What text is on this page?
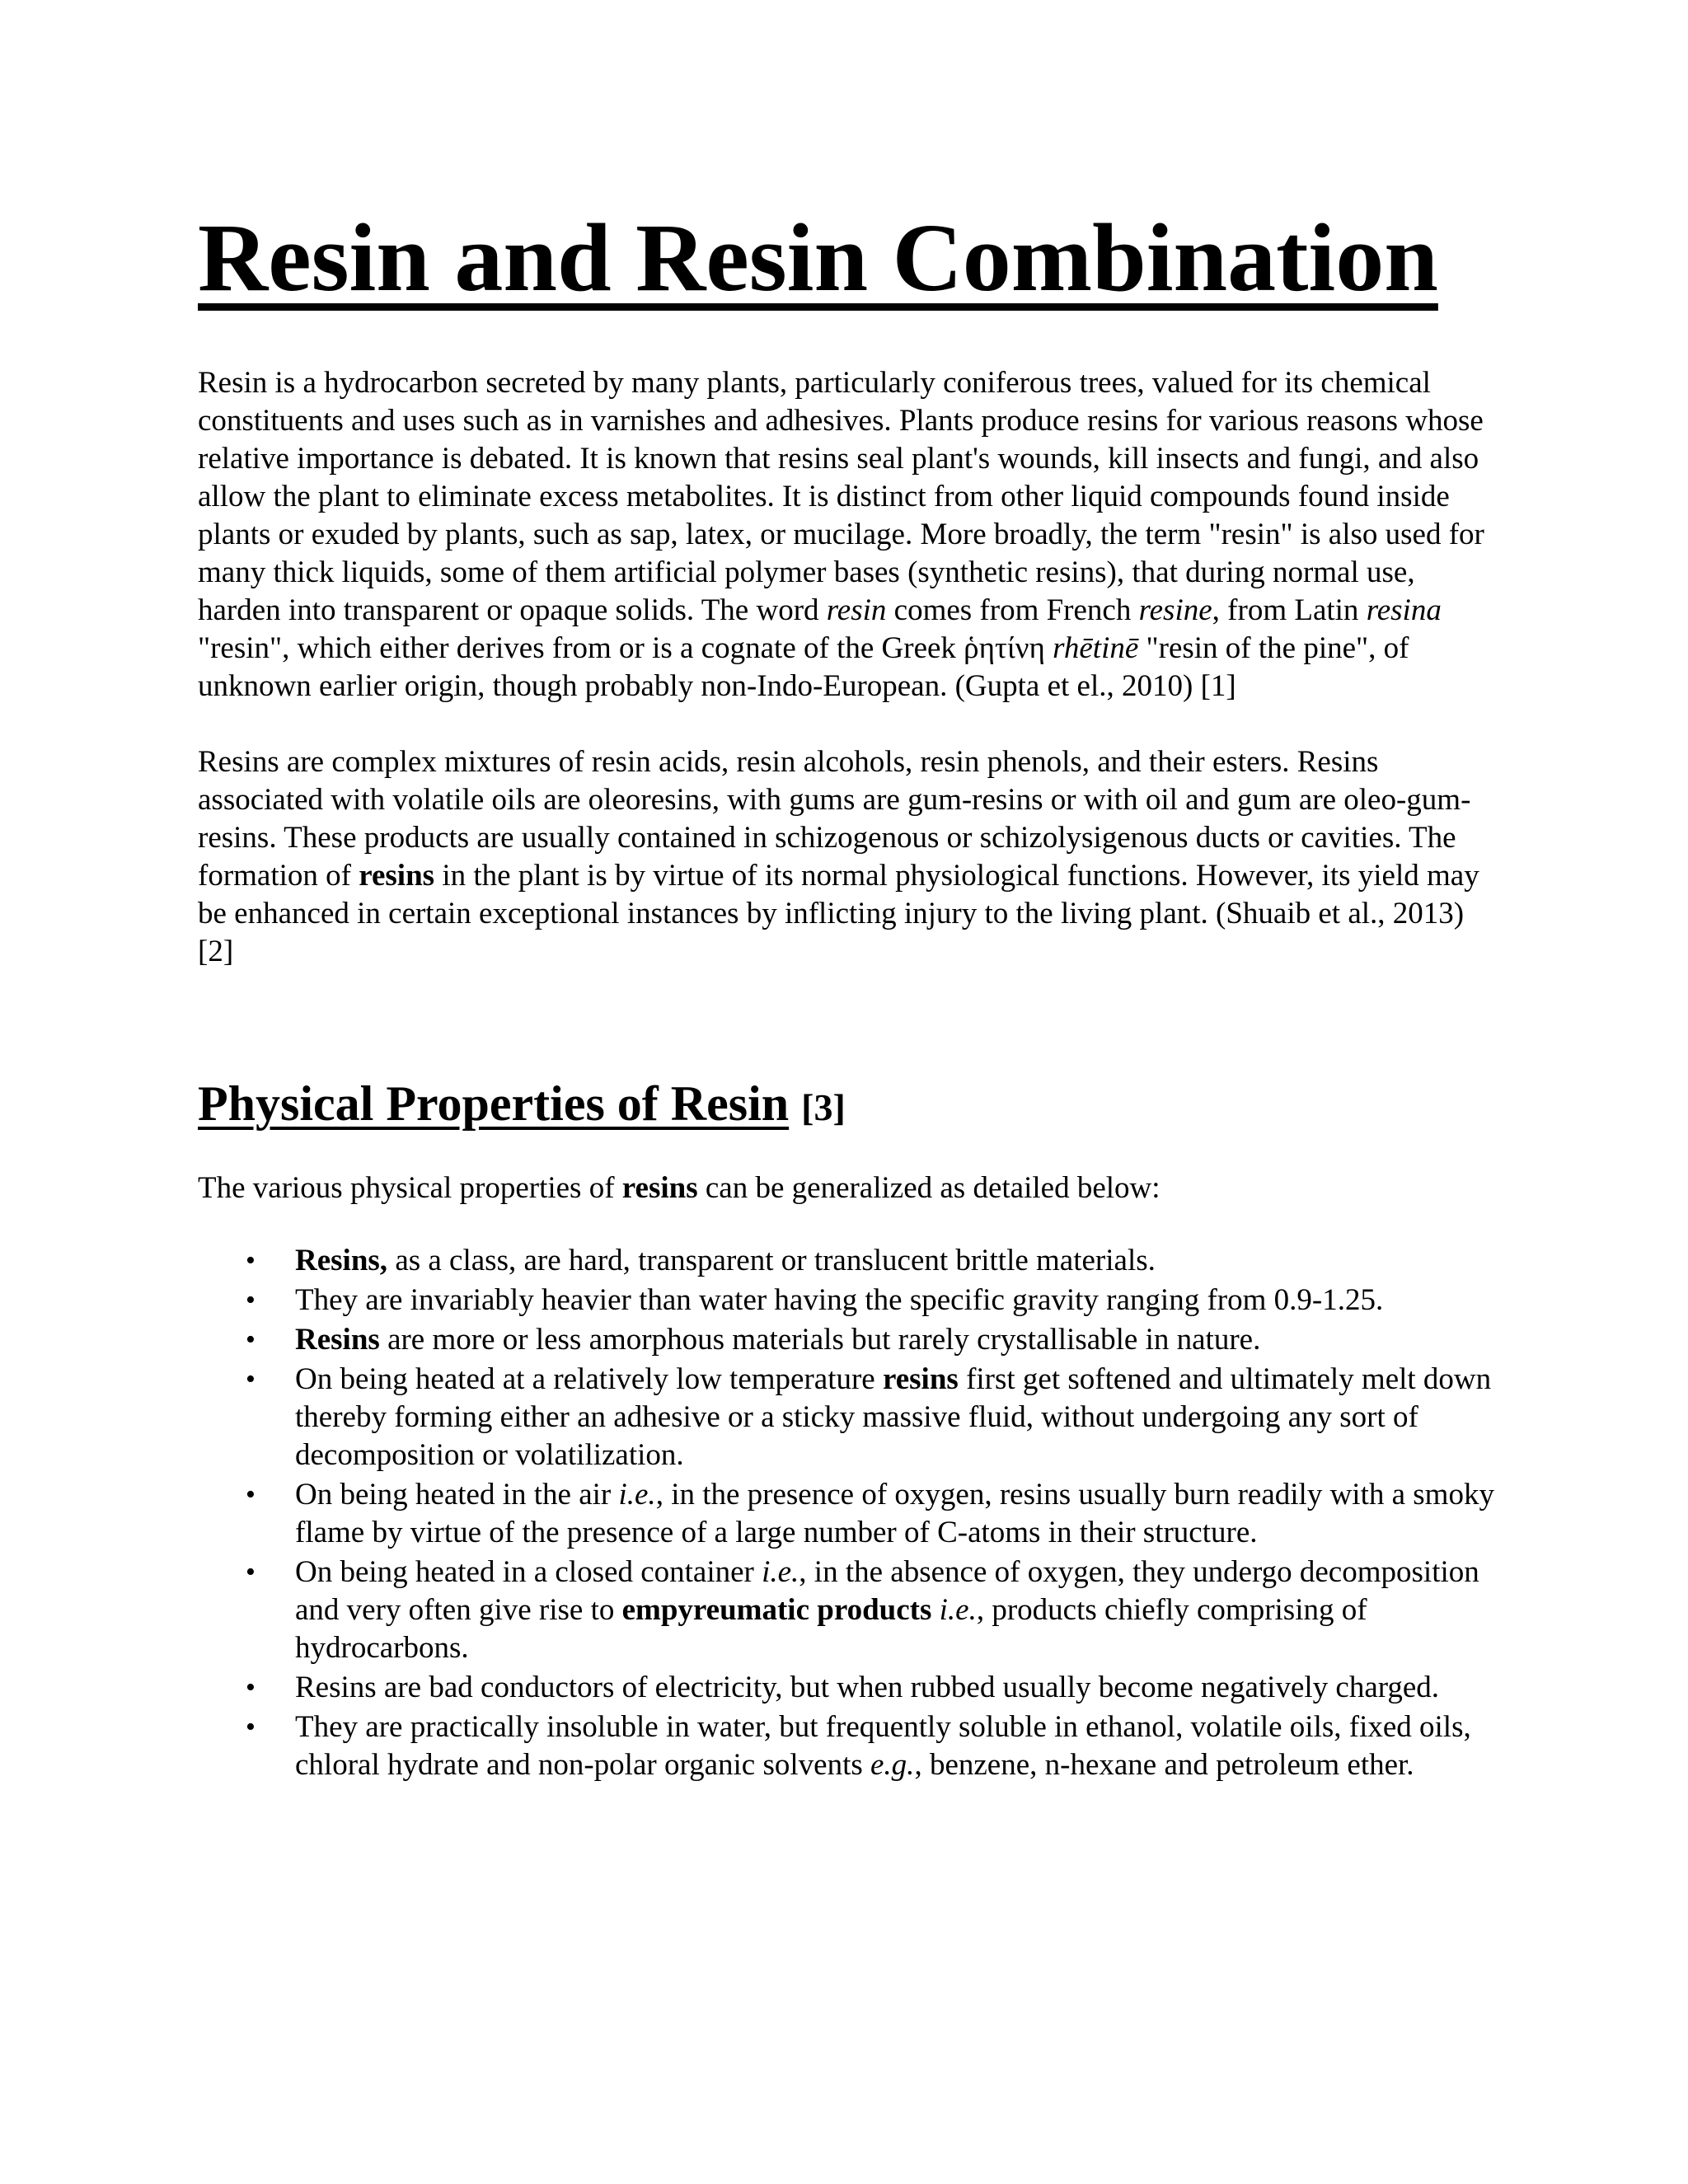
Resin and Resin Combination

Resin is a hydrocarbon secreted by many plants, particularly coniferous trees, valued for its chemical constituents and uses such as in varnishes and adhesives. Plants produce resins for various reasons whose relative importance is debated. It is known that resins seal plant's wounds, kill insects and fungi, and also allow the plant to eliminate excess metabolites. It is distinct from other liquid compounds found inside plants or exuded by plants, such as sap, latex, or mucilage. More broadly, the term "resin" is also used for many thick liquids, some of them artificial polymer bases (synthetic resins), that during normal use, harden into transparent or opaque solids. The word resin comes from French resine, from Latin resina "resin", which either derives from or is a cognate of the Greek ῥητίνη rhētinē "resin of the pine", of unknown earlier origin, though probably non-Indo-European. (Gupta et el., 2010) [1]

Resins are complex mixtures of resin acids, resin alcohols, resin phenols, and their esters. Resins associated with volatile oils are oleoresins, with gums are gum-resins or with oil and gum are oleo-gum-resins. These products are usually contained in schizogenous or schizolysigenous ducts or cavities. The formation of resins in the plant is by virtue of its normal physiological functions. However, its yield may be enhanced in certain exceptional instances by inflicting injury to the living plant. (Shuaib et al., 2013) [2]

Physical Properties of Resin [3]

The various physical properties of resins can be generalized as detailed below:

• Resins, as a class, are hard, transparent or translucent brittle materials.
• They are invariably heavier than water having the specific gravity ranging from 0.9-1.25.
• Resins are more or less amorphous materials but rarely crystallisable in nature.
• On being heated at a relatively low temperature resins first get softened and ultimately melt down thereby forming either an adhesive or a sticky massive fluid, without undergoing any sort of decomposition or volatilization.
• On being heated in the air i.e., in the presence of oxygen, resins usually burn readily with a smoky flame by virtue of the presence of a large number of C-atoms in their structure.
• On being heated in a closed container i.e., in the absence of oxygen, they undergo decomposition and very often give rise to empyreumatic products i.e., products chiefly comprising of hydrocarbons.
• Resins are bad conductors of electricity, but when rubbed usually become negatively charged.
• They are practically insoluble in water, but frequently soluble in ethanol, volatile oils, fixed oils, chloral hydrate and non-polar organic solvents e.g., benzene, n-hexane and petroleum ether.
